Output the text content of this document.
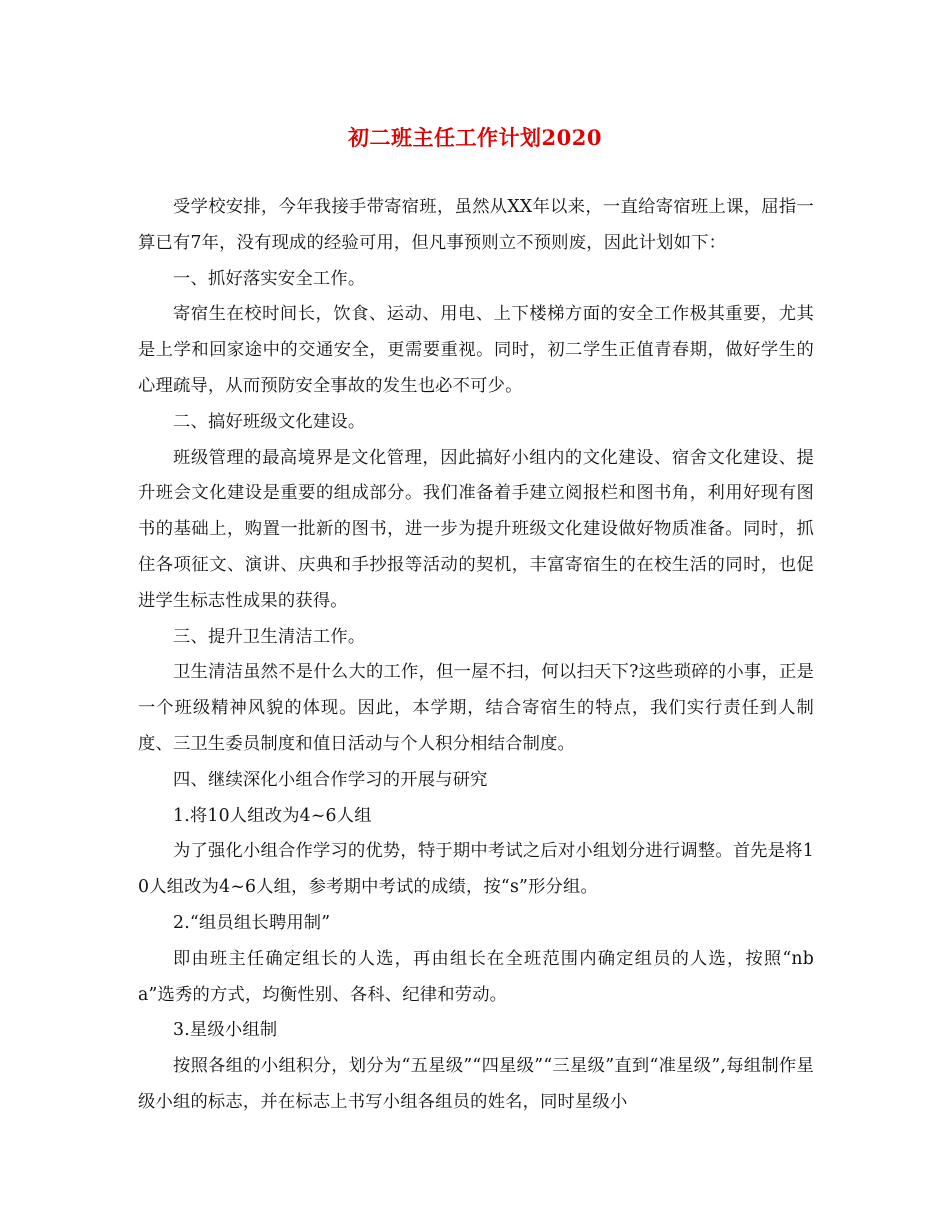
初二班主任工作计划2020

受学校安排，今年我接手带寄宿班，虽然从XX年以来，一直给寄宿班上课，屈指一算已有7年，没有现成的经验可用，但凡事预则立不预则废，因此计划如下：

一、抓好落实安全工作。

寄宿生在校时间长，饮食、运动、用电、上下楼梯方面的安全工作极其重要，尤其是上学和回家途中的交通安全，更需要重视。同时，初二学生正值青春期，做好学生的心理疏导，从而预防安全事故的发生也必不可少。

二、搞好班级文化建设。

班级管理的最高境界是文化管理，因此搞好小组内的文化建设、宿舍文化建设、提升班会文化建设是重要的组成部分。我们准备着手建立阅报栏和图书角，利用好现有图书的基础上，购置一批新的图书，进一步为提升班级文化建设做好物质准备。同时，抓住各项征文、演讲、庆典和手抄报等活动的契机，丰富寄宿生的在校生活的同时，也促进学生标志性成果的获得。

三、提升卫生清洁工作。

卫生清洁虽然不是什么大的工作，但一屋不扫，何以扫天下?这些琐碎的小事，正是一个班级精神风貌的体现。因此，本学期，结合寄宿生的特点，我们实行责任到人制度、三卫生委员制度和值日活动与个人积分相结合制度。

四、继续深化小组合作学习的开展与研究

1.将10人组改为4~6人组

为了强化小组合作学习的优势，特于期中考试之后对小组划分进行调整。首先是将10人组改为4~6人组，参考期中考试的成绩，按“s”形分组。

2.“组员组长聘用制”

即由班主任确定组长的人选，再由组长在全班范围内确定组员的人选，按照“nba”选秀的方式，均衡性别、各科、纪律和劳动。

3.星级小组制

按照各组的小组积分，划分为“五星级”“四星级”“三星级”直到“准星级”,每组制作星级小组的标志，并在标志上书写小组各组员的姓名，同时星级小
